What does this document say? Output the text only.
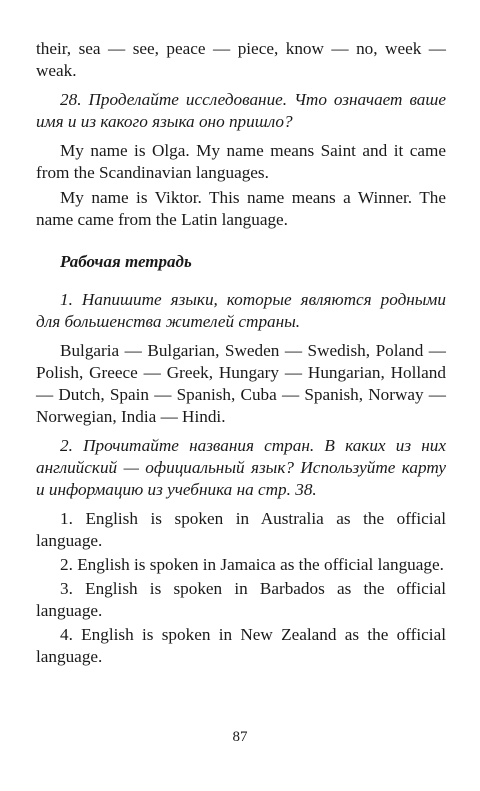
their, sea — see, peace — piece, know — no, week — weak.

28. Проделайте исследование. Что означает ваше имя и из какого языка оно пришло?

My name is Olga. My name means Saint and it came from the Scandinavian languages.

My name is Viktor. This name means a Winner. The name came from the Latin language.

Рабочая тетрадь

1. Напишите языки, которые являются родными для большенства жителей страны.

Bulgaria — Bulgarian, Sweden — Swedish, Poland — Polish, Greece — Greek, Hungary — Hungarian, Holland — Dutch, Spain — Spanish, Cuba — Spanish, Norway — Norwegian, India — Hindi.

2. Прочитайте названия стран. В каких из них английский — официальный язык? Используйте карту и информацию из учебника на стр. 38.

1. English is spoken in Australia as the official language.

2. English is spoken in Jamaica as the official language.

3. English is spoken in Barbados as the official language.

4. English is spoken in New Zealand as the official language.

87
